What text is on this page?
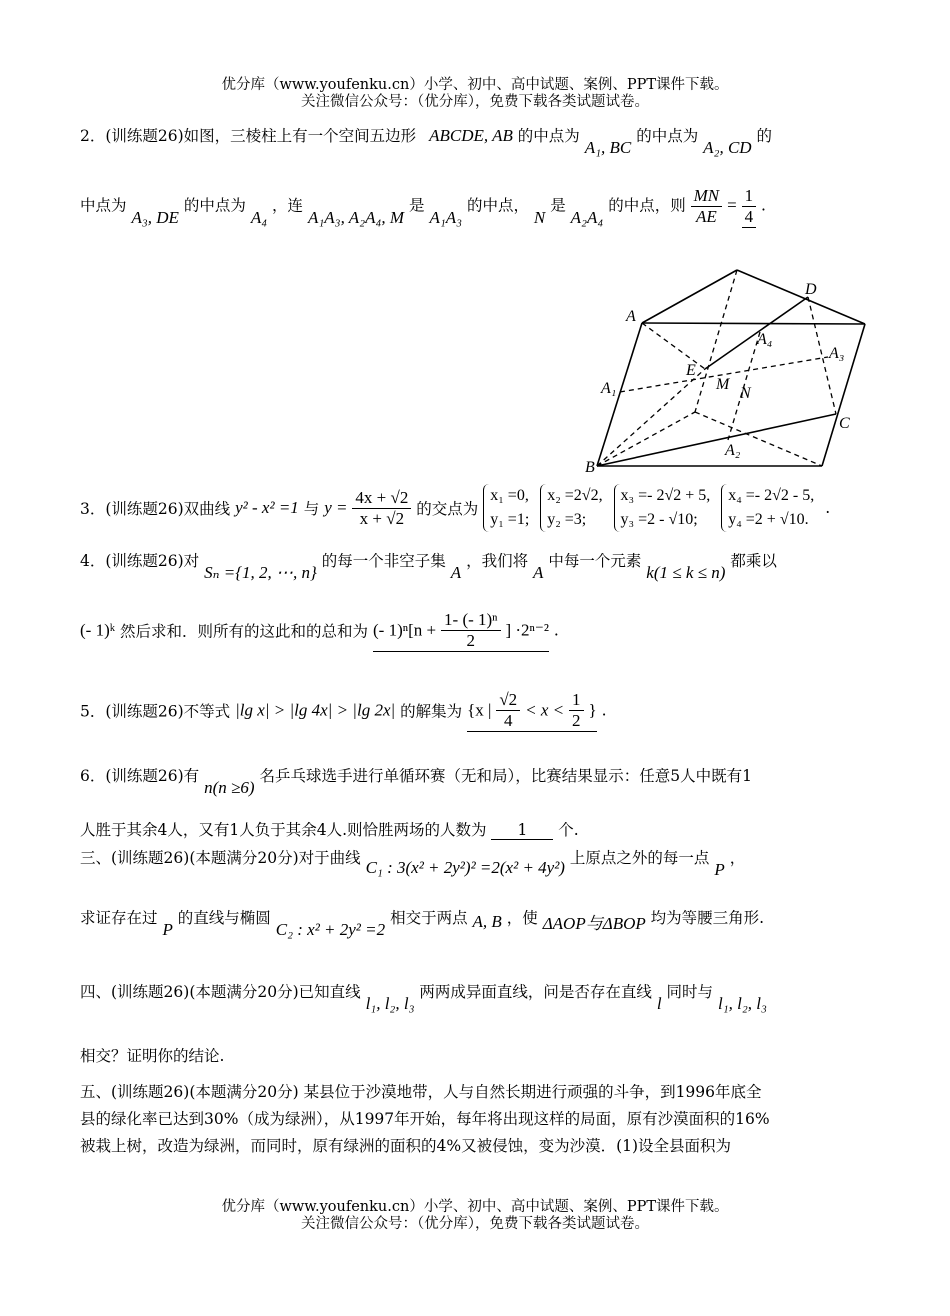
优分库（www.youfenku.cn）小学、初中、高中试题、案例、PPT课件下载。
关注微信公众号：（优分库），免费下载各类试题试卷。
2．(训练题26)如图，三棱柱上有一个空间五边形 ABCDE, AB 的中点为 A₁, BC 的中点为 A₂, CD 的
中点为 A₃, DE 的中点为 A₄ ，连 A₁A₃, A₂A₄, M 是 A₁A₃ 的中点， N 是 A₂A₄ 的中点，则 $\frac{MN}{AE} = \frac{1}{4}$ .
A
B
C
D
E
A₁
A₂
A₃
A₄
M
N
3．(训练题26)双曲线 y² - x² =1 与 $y = \frac{4x + √2}{x + √2}$ 的交点为
x₁ =0,
y₁ =1;

x₂ =2√2,
y₂ =3;

x₃ =- 2√2 + 5,
y₃ =2 - √10;

x₄ =- 2√2 - 5,
y₄ =2 + √10.
.
4．(训练题26)对 Sₙ ={1, 2, ⋯, n} 的每一个非空子集 A ，我们将 A 中每一个元素 k(1 ≤ k ≤ n) 都乘以
(- 1)ᵏ 然后求和．则所有的这此和的总和为 (- $1)^n[n + \frac{\text{1- (- 1)ⁿ}}{2}$ ] ·2ⁿ⁻² .
5．(训练题26)不等式 |lg x| > |lg 4x| > |lg 2x| 的解集为 {x | $\frac{√2}{4} < x < \frac{1}{2}$ } .
6．(训练题26)有 n(n ≥6) 名乒乓球选手进行单循环赛（无和局），比赛结果显示：任意5人中既有1
人胜于其余4人，又有1人负于其余4人.则恰胜两场的人数为 1 个.
三、(训练题26)(本题满分20分)对于曲线 C₁ : 3(x² + 2y²)² =2(x² + 4y²) 上原点之外的每一点 P ，
求证存在过 P 的直线与椭圆 C₂ : x² + 2y² =2 相交于两点 A, B ，使 ΔAOP与ΔBOP 均为等腰三角形.
四、(训练题26)(本题满分20分)已知直线 l₁, l₂, l₃ 两两成异面直线，问是否存在直线 l 同时与 l₁, l₂, l₃
相交？证明你的结论.
五、(训练题26)(本题满分20分) 某县位于沙漠地带，人与自然长期进行顽强的斗争，到1996年底全
县的绿化率已达到30%（成为绿洲），从1997年开始，每年将出现这样的局面，原有沙漠面积的16%
被栽上树，改造为绿洲，而同时，原有绿洲的面积的4%又被侵蚀，变为沙漠．(1)设全县面积为
优分库（www.youfenku.cn）小学、初中、高中试题、案例、PPT课件下载。
关注微信公众号：（优分库），免费下载各类试题试卷。
